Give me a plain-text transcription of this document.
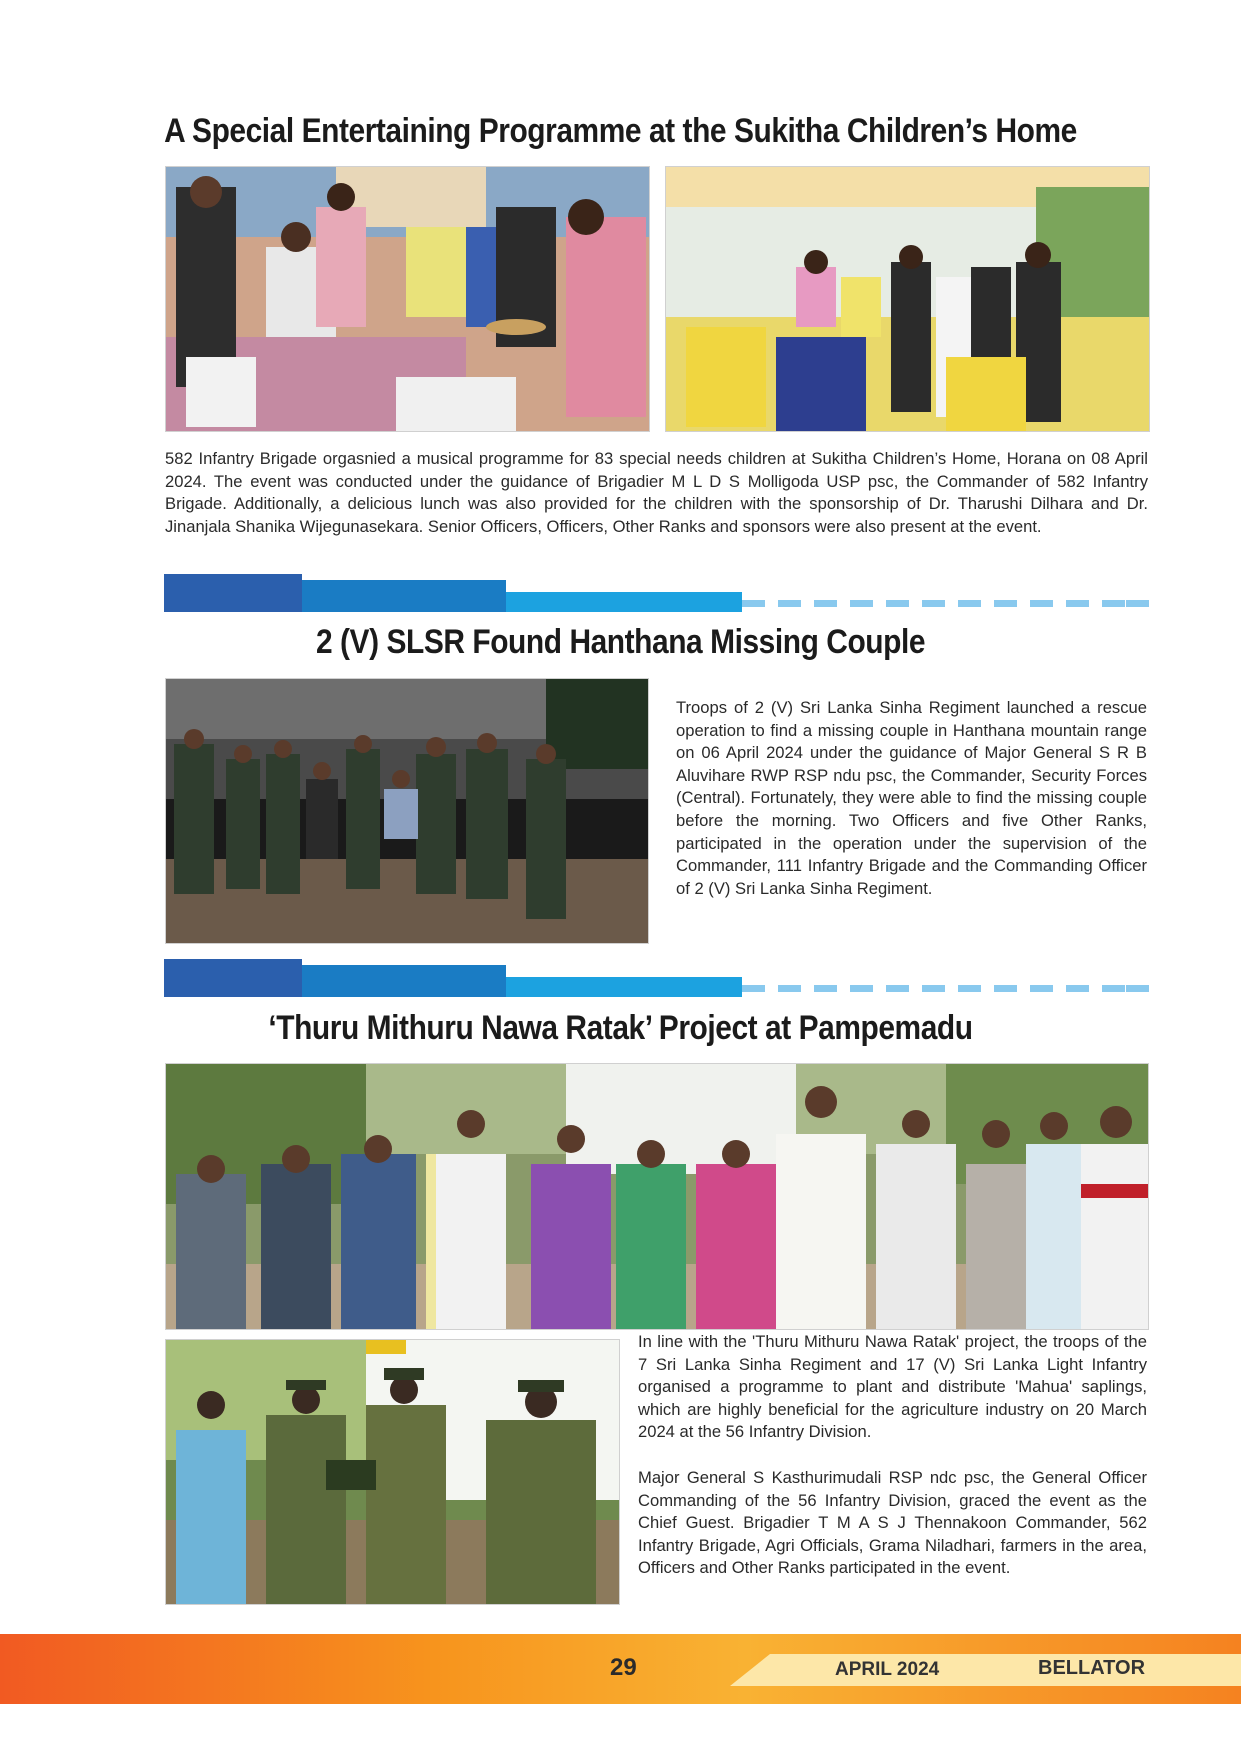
A Special Entertaining Programme at the Sukitha Children’s Home

582 Infantry Brigade orgasnied a musical programme for 83 special needs children at Sukitha Children’s Home, Horana on 08 April 2024. The event was conducted under the guidance of Brigadier M L D S Molligoda USP psc, the Commander of 582 Infantry Brigade. Additionally, a delicious lunch was also provided for the children with the sponsorship of Dr. Tharushi Dilhara and Dr. Jinanjala Shanika Wijegunasekara. Senior Officers, Officers, Other Ranks and sponsors were also present at the event.

2 (V) SLSR Found Hanthana Missing Couple

Troops of 2 (V) Sri Lanka Sinha Regiment launched a rescue operation to find a missing couple in Hanthana mountain range on 06 April 2024 under the guidance of Major General S R B Aluvihare RWP RSP ndu psc, the Commander, Security Forces (Central). Fortunately, they were able to find the missing couple before the morning. Two Officers and five Other Ranks, participated in the operation under the supervision of the Commander, 111 Infantry Brigade and the Commanding Officer of 2 (V) Sri Lanka Sinha Regiment.

‘Thuru Mithuru Nawa Ratak’ Project at Pampemadu

In line with the 'Thuru Mithuru Nawa Ratak' project, the troops of the 7 Sri Lanka Sinha Regiment and 17 (V) Sri Lanka Light Infantry organised a programme to plant and distribute 'Mahua' saplings, which are highly beneficial for the agriculture industry on 20 March 2024 at the 56 Infantry Division.

Major General S Kasthurimudali RSP ndc psc, the General Officer Commanding of the 56 Infantry Division, graced the event as the Chief Guest. Brigadier T M A S J Thennakoon Commander, 562 Infantry Brigade, Agri Officials, Grama Niladhari, farmers in the area, Officers and Other Ranks participated in the event.

29	APRIL 2024	BELLATOR
